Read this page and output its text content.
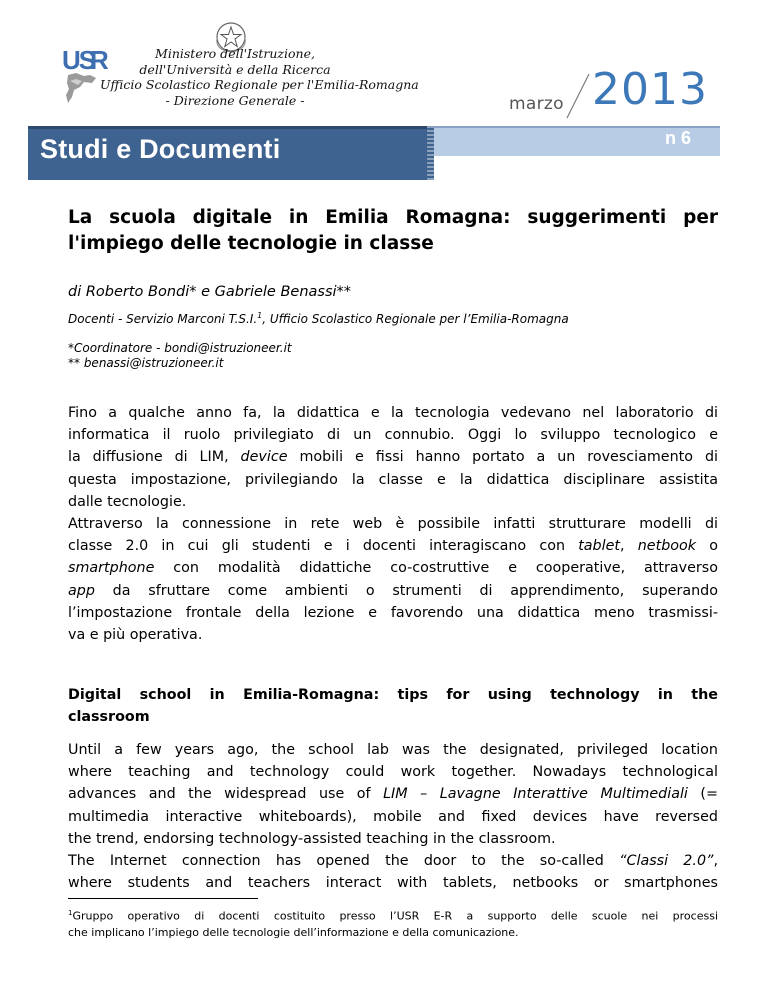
US
R	Ministero dell'Istruzione,
dell'Università e della Ricerca
Ufficio Scolastico Regionale per l'Emilia-Romagna
- Direzione Generale -	marzo 2013
Studi e Documenti	n 6
La scuola digitale in Emilia Romagna: suggerimenti per l'impiego delle tecnologie in classe
di Roberto Bondi* e Gabriele Benassi**
Docenti - Servizio Marconi T.S.I.$^1$, Ufficio Scolastico Regionale per l’Emilia-Romagna
*Coordinatore - bondi@istruzioneer.it
** benassi@istruzioneer.it
Fino a qualche anno fa, la didattica e la tecnologia vedevano nel laboratorio di
informatica il ruolo privilegiato di un connubio. Oggi lo sviluppo tecnologico e
la diffusione di LIM, device mobili e fissi hanno portato a un rovesciamento di
questa impostazione, privilegiando la classe e la didattica disciplinare assistita
dalle tecnologie.
Attraverso la connessione in rete web è possibile infatti strutturare modelli di
classe 2.0 in cui gli studenti e i docenti interagiscano con tablet, netbook o
smartphone con modalità didattiche co-costruttive e cooperative, attraverso
app da sfruttare come ambienti o strumenti di apprendimento, superando
l’impostazione frontale della lezione e favorendo una didattica meno trasmissi-
va e più operativa.
Digital school in Emilia-Romagna: tips for using technology in the
classroom
Until a few years ago, the school lab was the designated, privileged location
where teaching and technology could work together. Nowadays technological
advances and the widespread use of LIM – Lavagne Interattive Multimediali (=
multimedia interactive whiteboards), mobile and fixed devices have reversed
the trend, endorsing technology-assisted teaching in the classroom.
The Internet connection has opened the door to the so-called “Classi 2.0”,
where students and teachers interact with tablets, netbooks or smartphones
$^1$Gruppo operativo di docenti costituito presso l’USR E-R a supporto delle scuole nei processi
che implicano l’impiego delle tecnologie dell’informazione e della comunicazione.
